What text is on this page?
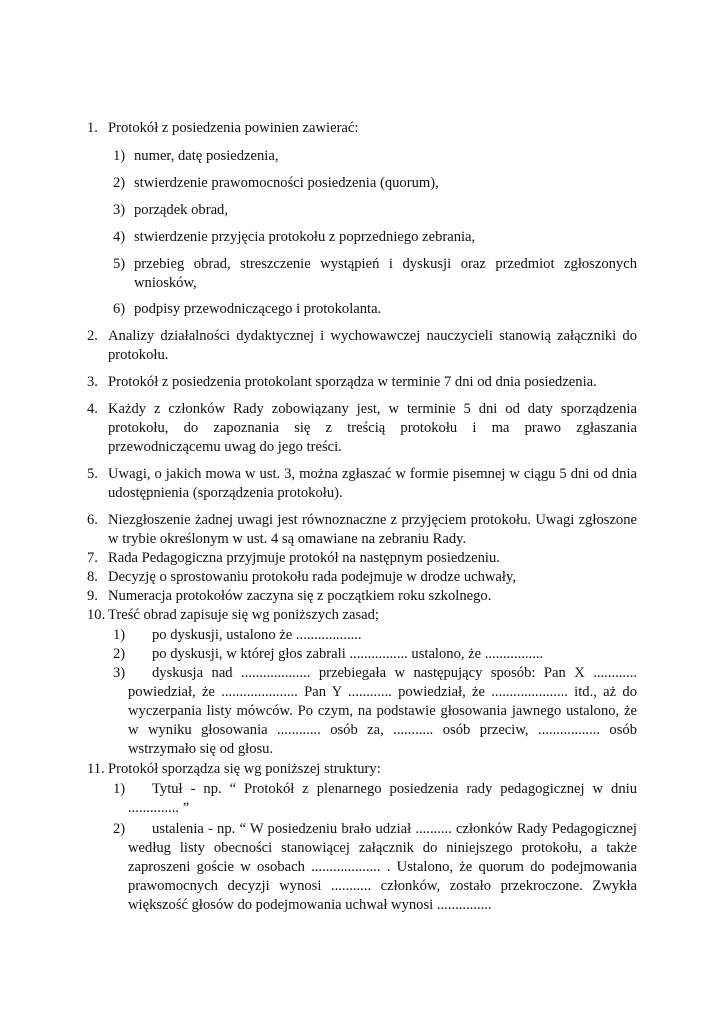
1. Protokół z posiedzenia powinien zawierać:
1) numer, datę posiedzenia,
2) stwierdzenie prawomocności posiedzenia (quorum),
3) porządek obrad,
4) stwierdzenie przyjęcia protokołu z poprzedniego zebrania,
5) przebieg obrad, streszczenie wystąpień i dyskusji oraz przedmiot zgłoszonych
wniosków,
6) podpisy przewodniczącego i protokolanta.
2. Analizy działalności dydaktycznej i wychowawczej nauczycieli stanowią załączniki do
protokołu.
3. Protokół z posiedzenia protokolant sporządza w terminie 7 dni od dnia posiedzenia.
4. Każdy z członków Rady zobowiązany jest, w terminie 5 dni od daty sporządzenia
protokołu, do zapoznania się z treścią protokołu i ma prawo zgłaszania
przewodniczącemu uwag do jego treści.
5. Uwagi, o jakich mowa w ust. 3, można zgłaszać w formie pisemnej w ciągu 5 dni od dnia
udostępnienia (sporządzenia protokołu).
6. Niezgłoszenie żadnej uwagi jest równoznaczne z przyjęciem protokołu. Uwagi zgłoszone
w trybie określonym w ust. 4 są omawiane na zebraniu Rady.
7. Rada Pedagogiczna przyjmuje protokół na następnym posiedzeniu.
8. Decyzję o sprostowaniu protokołu rada podejmuje w drodze uchwały,
9. Numeracja protokołów zaczyna się z początkiem roku szkolnego.
10. Treść obrad zapisuje się wg poniższych zasad;
1) po dyskusji, ustalono że ..................
2) po dyskusji, w której głos zabrali ................ ustalono, że ................
3) dyskusja nad ................... przebiegała w następujący sposób: Pan X ............
powiedział, że ..................... Pan Y ............ powiedział, że ..................... itd., aż do
wyczerpania listy mówców. Po czym, na podstawie głosowania jawnego ustalono, że
w wyniku głosowania ............ osób za, ........... osób przeciw, ................. osób
wstrzymało się od głosu.
11. Protokół sporządza się wg poniższej struktury:
1) Tytuł - np. “ Protokół z plenarnego posiedzenia rady pedagogicznej w dniu
.............. ”
2) ustalenia - np. “ W posiedzeniu brało udział .......... członków Rady Pedagogicznej
według listy obecności stanowiącej załącznik do niniejszego protokołu, a także
zaproszeni goście w osobach ................... . Ustalono, że quorum do podejmowania
prawomocnych decyzji wynosi ........... członków, zostało przekroczone. Zwykła
większość głosów do podejmowania uchwał wynosi ...............
